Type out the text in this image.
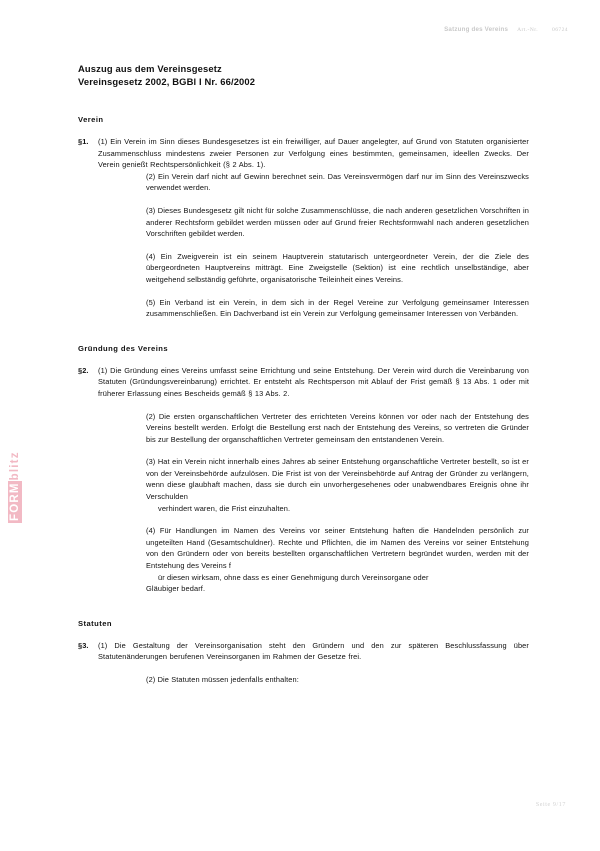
Satzung des Vereins Art.-Nr.	06724
FORMblitz
Auszug aus dem Vereinsgesetz
Vereinsgesetz 2002, BGBl I Nr. 66/2002
Verein
§1.	(1) Ein Verein im Sinn dieses Bundesgesetzes ist ein freiwilliger, auf Dauer angelegter, auf Grund von Statuten organisierter Zusammenschluss mindestens zweier Personen zur Verfolgung eines bestimmten, gemeinsamen, ideellen Zwecks. Der Verein genießt Rechtspersönlichkeit (§ 2 Abs. 1).
(2) Ein Verein darf nicht auf Gewinn berechnet sein. Das Vereinsvermögen darf nur im Sinn des Vereinszwecks verwendet werden.
(3) Dieses Bundesgesetz gilt nicht für solche Zusammenschlüsse, die nach anderen gesetzlichen Vorschriften in anderer Rechtsform gebildet werden müssen oder auf Grund freier Rechtsformwahl nach anderen gesetzlichen Vorschriften gebildet werden.
(4) Ein Zweigverein ist ein seinem Hauptverein statutarisch untergeordneter Verein, der die Ziele des übergeordneten Hauptvereins mitträgt. Eine Zweigstelle (Sektion) ist eine rechtlich unselbständige, aber weitgehend selbständig geführte, organisatorische Teileinheit eines Vereins.
(5) Ein Verband ist ein Verein, in dem sich in der Regel Vereine zur Verfolgung gemeinsamer Interessen zusammenschließen. Ein Dachverband ist ein Verein zur Verfolgung gemeinsamer Interessen von Verbänden.
Gründung des Vereins
§2.	(1) Die Gründung eines Vereins umfasst seine Errichtung und seine Entstehung. Der Verein wird durch die Vereinbarung von Statuten (Gründungsvereinbarung) errichtet. Er entsteht als Rechtsperson mit Ablauf der Frist gemäß § 13 Abs. 1 oder mit früherer Erlassung eines Bescheids gemäß § 13 Abs. 2.
(2) Die ersten organschaftlichen Vertreter des errichteten Vereins können vor oder nach der Entstehung des Vereins bestellt werden. Erfolgt die Bestellung erst nach der Entstehung des Vereins, so vertreten die Gründer bis zur Bestellung der organschaftlichen Vertreter gemeinsam den entstandenen Verein.
(3) Hat ein Verein nicht innerhalb eines Jahres ab seiner Entstehung organschaftliche Vertreter bestellt, so ist er von der Vereinsbehörde aufzulösen. Die Frist ist von der Vereinsbehörde auf Antrag der Gründer zu verlängern, wenn diese glaubhaft machen, dass sie durch ein unvorhergesehenes oder unabwendbares Ereignis ohne ihr Verschulden
verhindert waren, die Frist einzuhalten.
(4) Für Handlungen im Namen des Vereins vor seiner Entstehung haften die Handelnden persönlich zur ungeteilten Hand (Gesamtschuldner). Rechte und Pflichten, die im Namen des Vereins vor seiner Entstehung von den Gründern oder von bereits bestellten organschaftlichen Vertretern begründet wurden, werden mit der Entstehung des Vereins f
ür diesen wirksam, ohne dass es einer Genehmigung durch Vereinsorgane oder
Gläubiger bedarf.
Statuten
§3.	(1) Die Gestaltung der Vereinsorganisation steht den Gründern und den zur späteren Beschlussfassung über Statutenänderungen berufenen Vereinsorganen im Rahmen der Gesetze frei.
(2) Die Statuten müssen jedenfalls enthalten:
Seite 9/17
